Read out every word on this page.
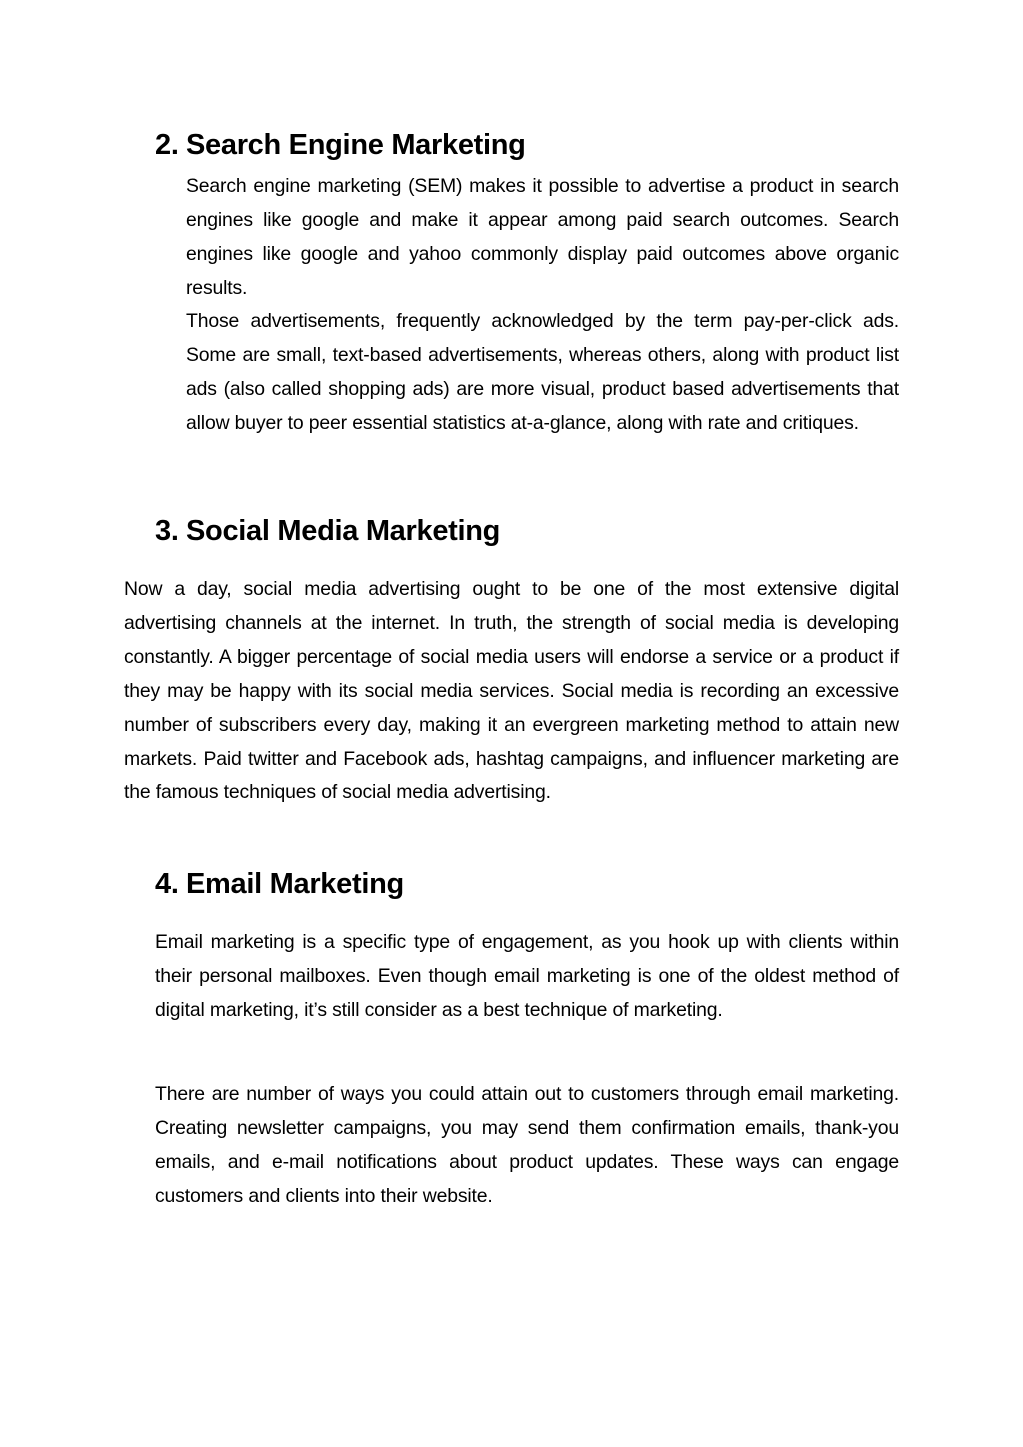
2. Search Engine Marketing

Search engine marketing (SEM) makes it possible to advertise a product in search engines like google and make it appear among paid search outcomes. Search engines like google and yahoo commonly display paid outcomes above organic results.

Those advertisements, frequently acknowledged by the term pay-per-click ads. Some are small, text-based advertisements, whereas others, along with product list ads (also called shopping ads) are more visual, product based advertisements that allow buyer to peer essential statistics at-a-glance, along with rate and critiques.

3. Social Media Marketing

Now a day, social media advertising ought to be one of the most extensive digital advertising channels at the internet. In truth, the strength of social media is developing constantly. A bigger percentage of social media users will endorse a service or a product if they may be happy with its social media services. Social media is recording an excessive number of subscribers every day, making it an evergreen marketing method to attain new markets. Paid twitter and Facebook ads, hashtag campaigns, and influencer marketing are the famous techniques of social media advertising.

4. Email Marketing

Email marketing is a specific type of engagement, as you hook up with clients within their personal mailboxes. Even though email marketing is one of the oldest method of digital marketing, it’s still consider as a best technique of marketing.

There are number of ways you could attain out to customers through email marketing. Creating newsletter campaigns, you may send them confirmation emails, thank-you emails, and e-mail notifications about product updates. These ways can engage customers and clients into their website.
